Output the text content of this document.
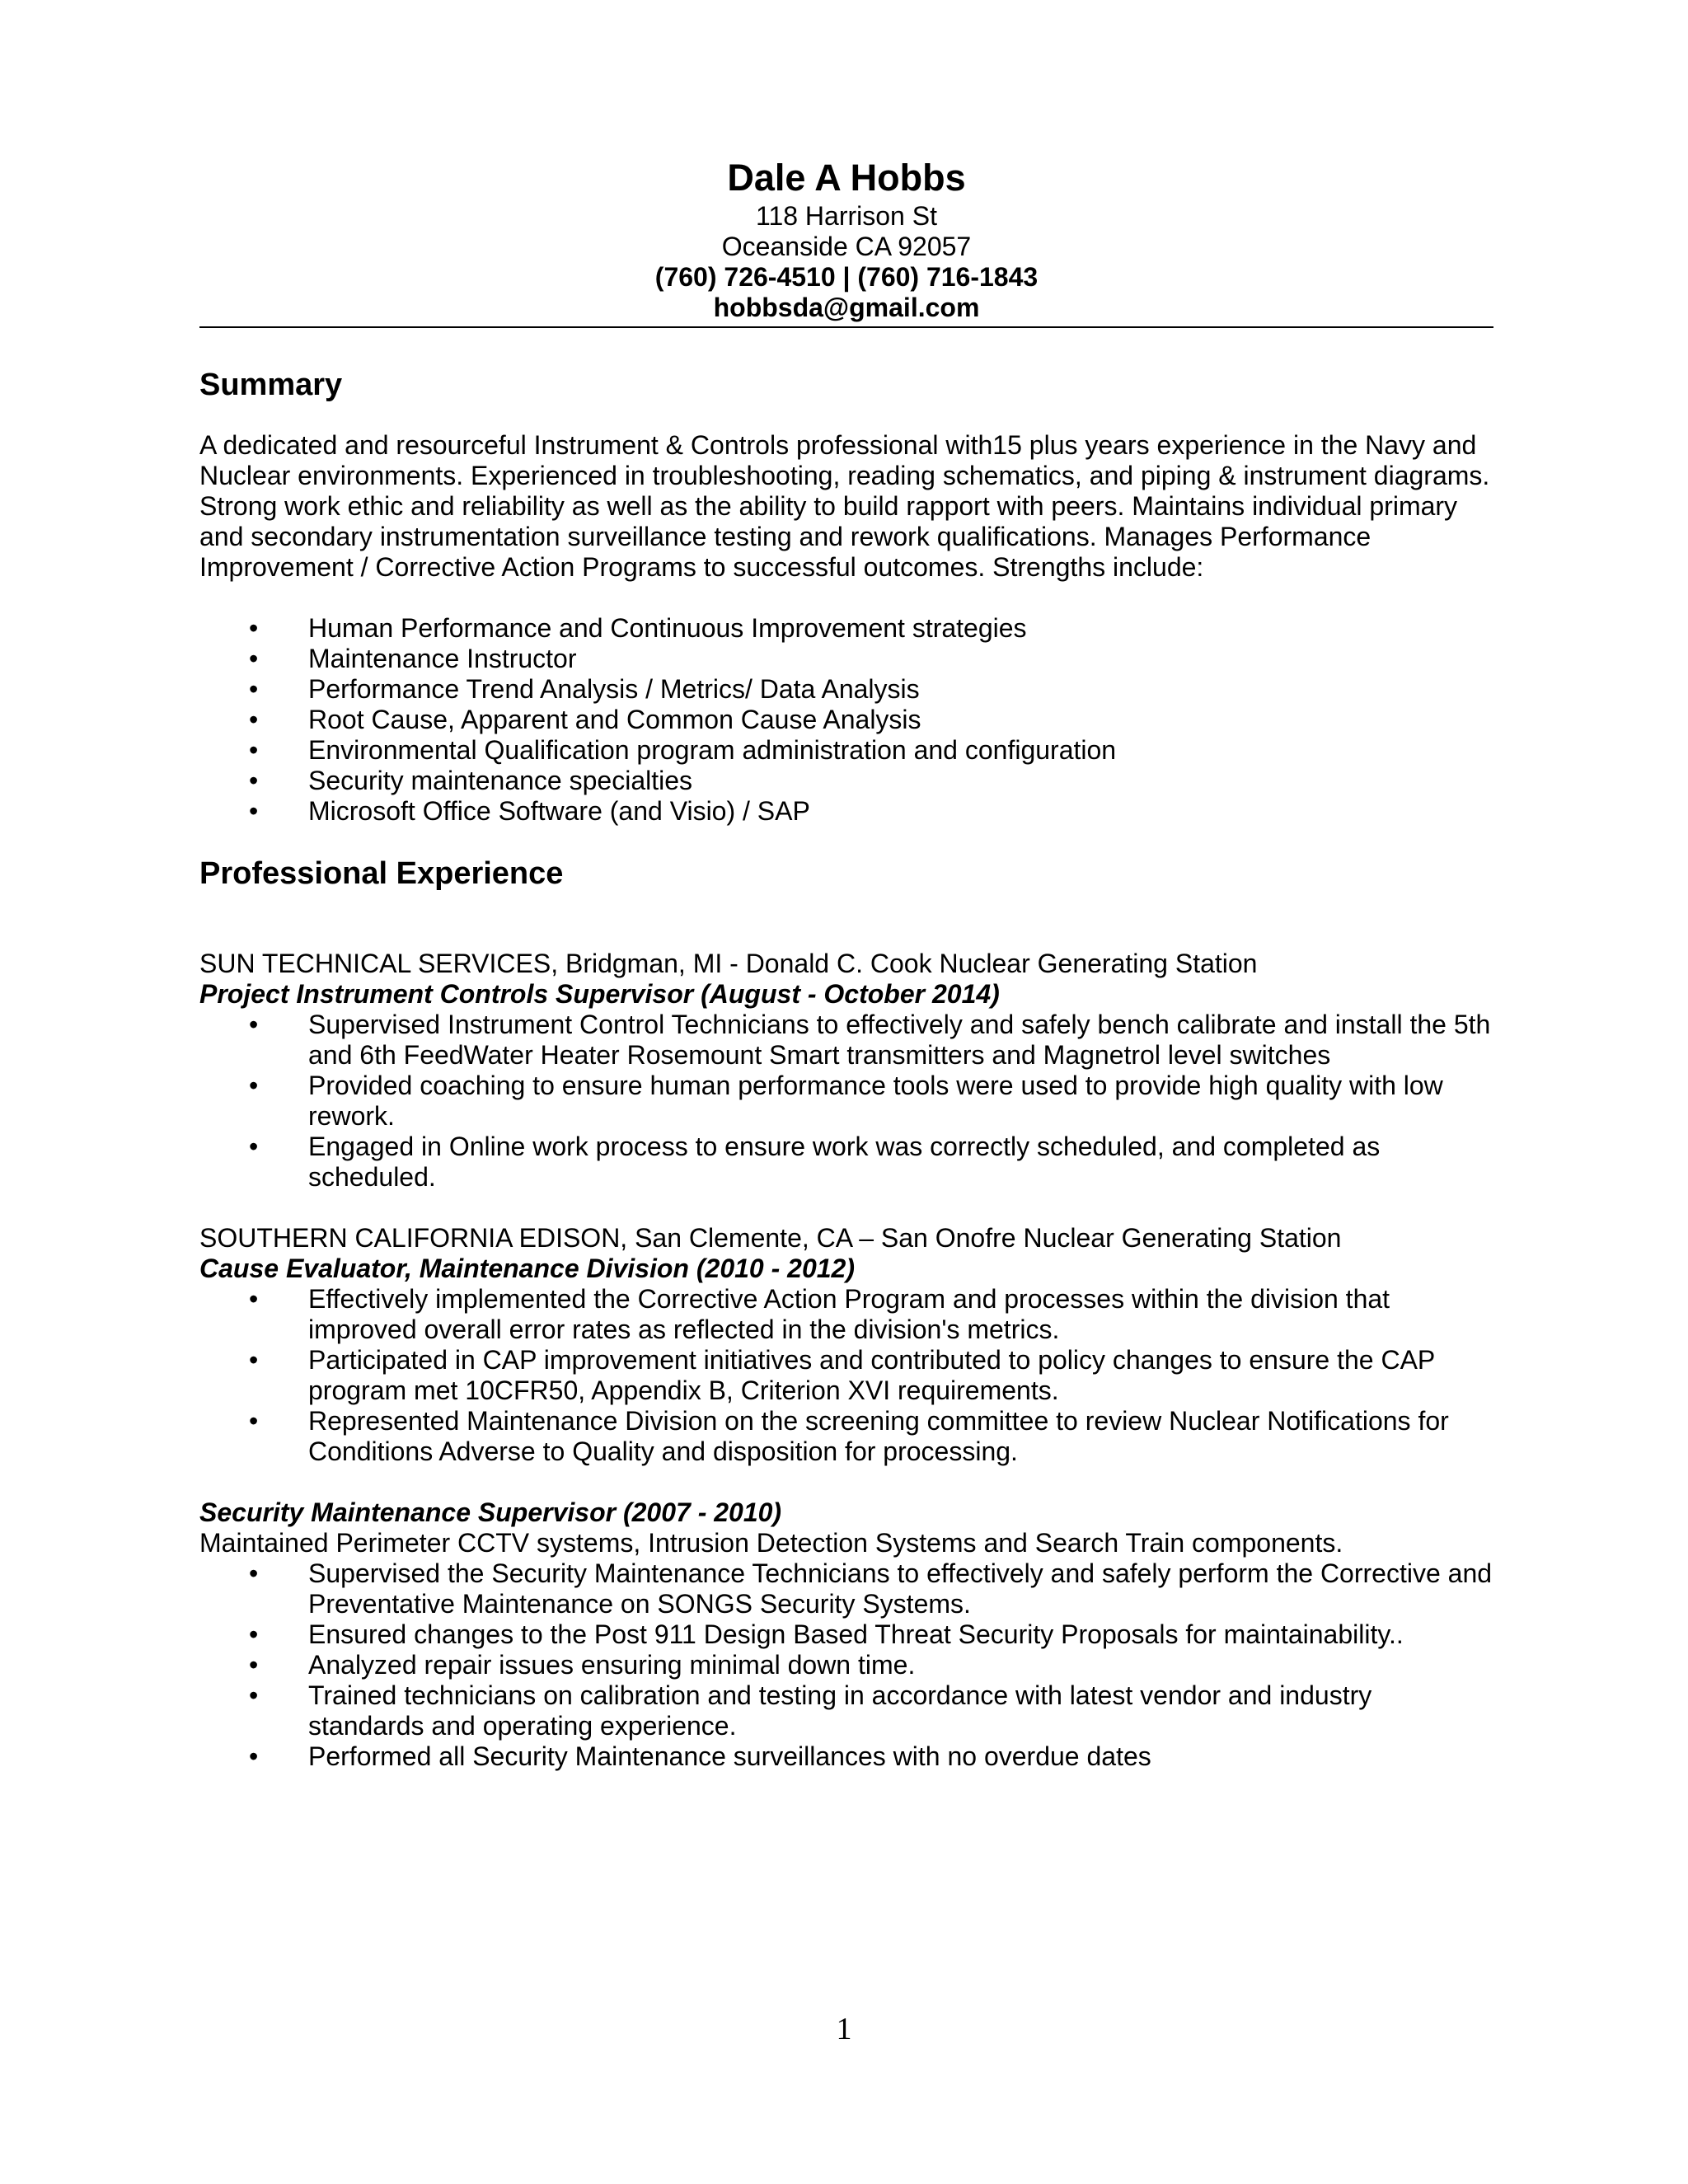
Dale A Hobbs
118 Harrison St
Oceanside CA 92057
(760) 726-4510 | (760) 716-1843
hobbsda@gmail.com
Summary

A dedicated and resourceful Instrument & Controls professional with15 plus years experience in the Navy and Nuclear environments. Experienced in troubleshooting, reading schematics, and piping & instrument diagrams. Strong work ethic and reliability as well as the ability to build rapport with peers. Maintains individual primary and secondary instrumentation surveillance testing and rework qualifications. Manages Performance Improvement / Corrective Action Programs to successful outcomes. Strengths include:

• Human Performance and Continuous Improvement strategies
• Maintenance Instructor
• Performance Trend Analysis / Metrics/ Data Analysis
• Root Cause, Apparent and Common Cause Analysis
• Environmental Qualification program administration and configuration
• Security maintenance specialties
• Microsoft Office Software (and Visio) / SAP
Professional Experience
SUN TECHNICAL SERVICES, Bridgman, MI - Donald C. Cook Nuclear Generating Station
Project Instrument Controls Supervisor (August - October 2014)
• Supervised Instrument Control Technicians to effectively and safely bench calibrate and install the 5th and 6th FeedWater Heater Rosemount Smart transmitters and Magnetrol level switches
• Provided coaching to ensure human performance tools were used to provide high quality with low rework.
• Engaged in Online work process to ensure work was correctly scheduled, and completed as scheduled.
SOUTHERN CALIFORNIA EDISON, San Clemente, CA – San Onofre Nuclear Generating Station
Cause Evaluator, Maintenance Division (2010 - 2012)
• Effectively implemented the Corrective Action Program and processes within the division that improved overall error rates as reflected in the division's metrics.
• Participated in CAP improvement initiatives and contributed to policy changes to ensure the CAP program met 10CFR50, Appendix B, Criterion XVI requirements.
• Represented Maintenance Division on the screening committee to review Nuclear Notifications for Conditions Adverse to Quality and disposition for processing.
Security Maintenance Supervisor (2007 - 2010)
Maintained Perimeter CCTV systems, Intrusion Detection Systems and Search Train components.
• Supervised the Security Maintenance Technicians to effectively and safely perform the Corrective and Preventative Maintenance on SONGS Security Systems.
• Ensured changes to the Post 911 Design Based Threat Security Proposals for maintainability..
• Analyzed repair issues ensuring minimal down time.
• Trained technicians on calibration and testing in accordance with latest vendor and industry standards and operating experience.
• Performed all Security Maintenance surveillances with no overdue dates
1
